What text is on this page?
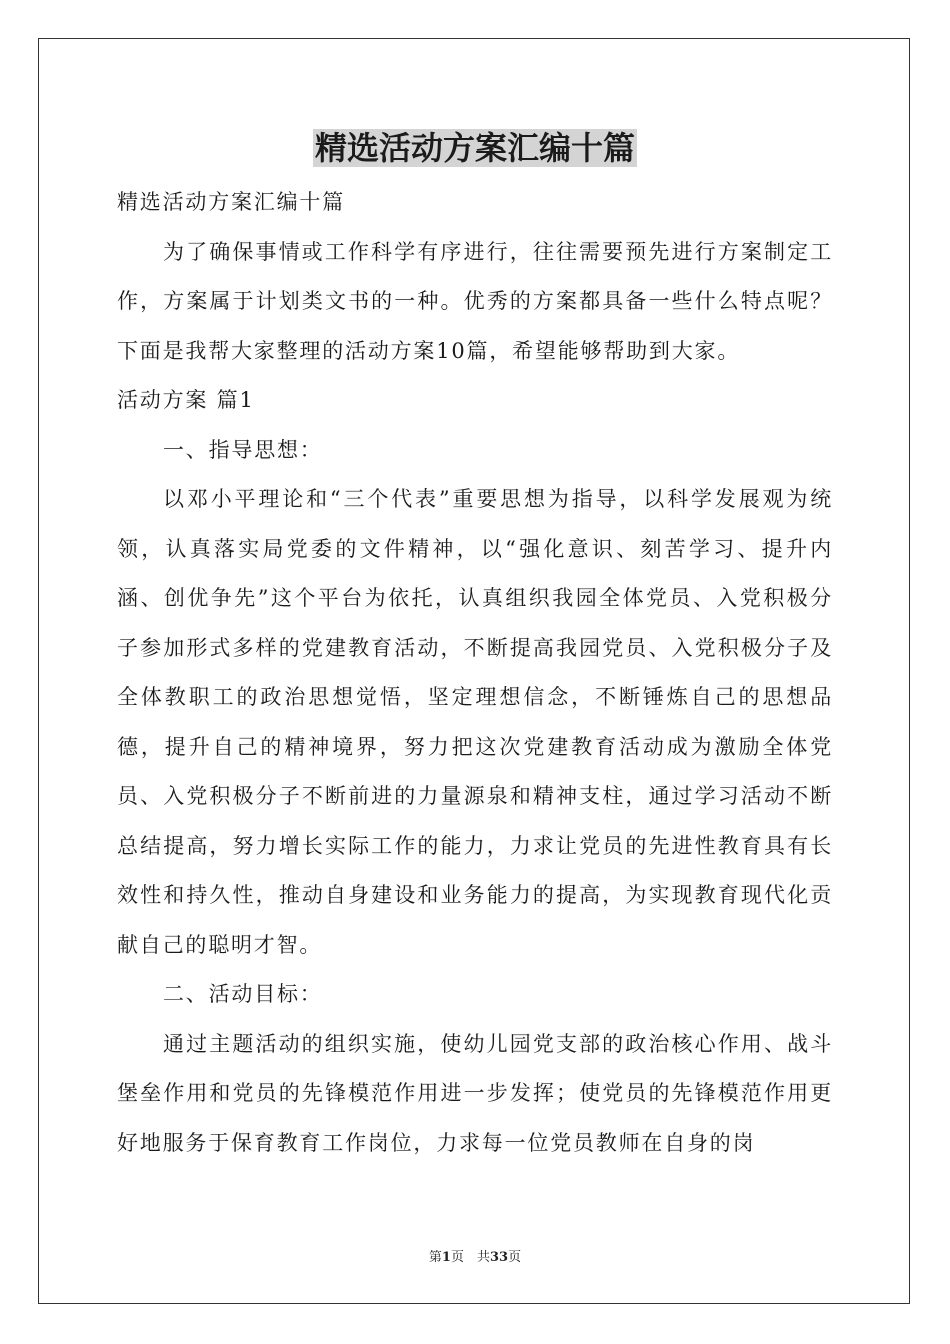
精选活动方案汇编十篇

精选活动方案汇编十篇

为了确保事情或工作科学有序进行，往往需要预先进行方案制定工作，方案属于计划类文书的一种。优秀的方案都具备一些什么特点呢？下面是我帮大家整理的活动方案10篇，希望能够帮助到大家。

活动方案 篇1

一、指导思想：

以邓小平理论和“三个代表”重要思想为指导，以科学发展观为统领，认真落实局党委的文件精神，以“强化意识、刻苦学习、提升内涵、创优争先”这个平台为依托，认真组织我园全体党员、入党积极分子参加形式多样的党建教育活动，不断提高我园党员、入党积极分子及全体教职工的政治思想觉悟，坚定理想信念，不断锤炼自己的思想品德，提升自己的精神境界，努力把这次党建教育活动成为激励全体党员、入党积极分子不断前进的力量源泉和精神支柱，通过学习活动不断总结提高，努力增长实际工作的能力，力求让党员的先进性教育具有长效性和持久性，推动自身建设和业务能力的提高，为实现教育现代化贡献自己的聪明才智。

二、活动目标：

通过主题活动的组织实施，使幼儿园党支部的政治核心作用、战斗堡垒作用和党员的先锋模范作用进一步发挥；使党员的先锋模范作用更好地服务于保育教育工作岗位，力求每一位党员教师在自身的岗

第1页　共33页
